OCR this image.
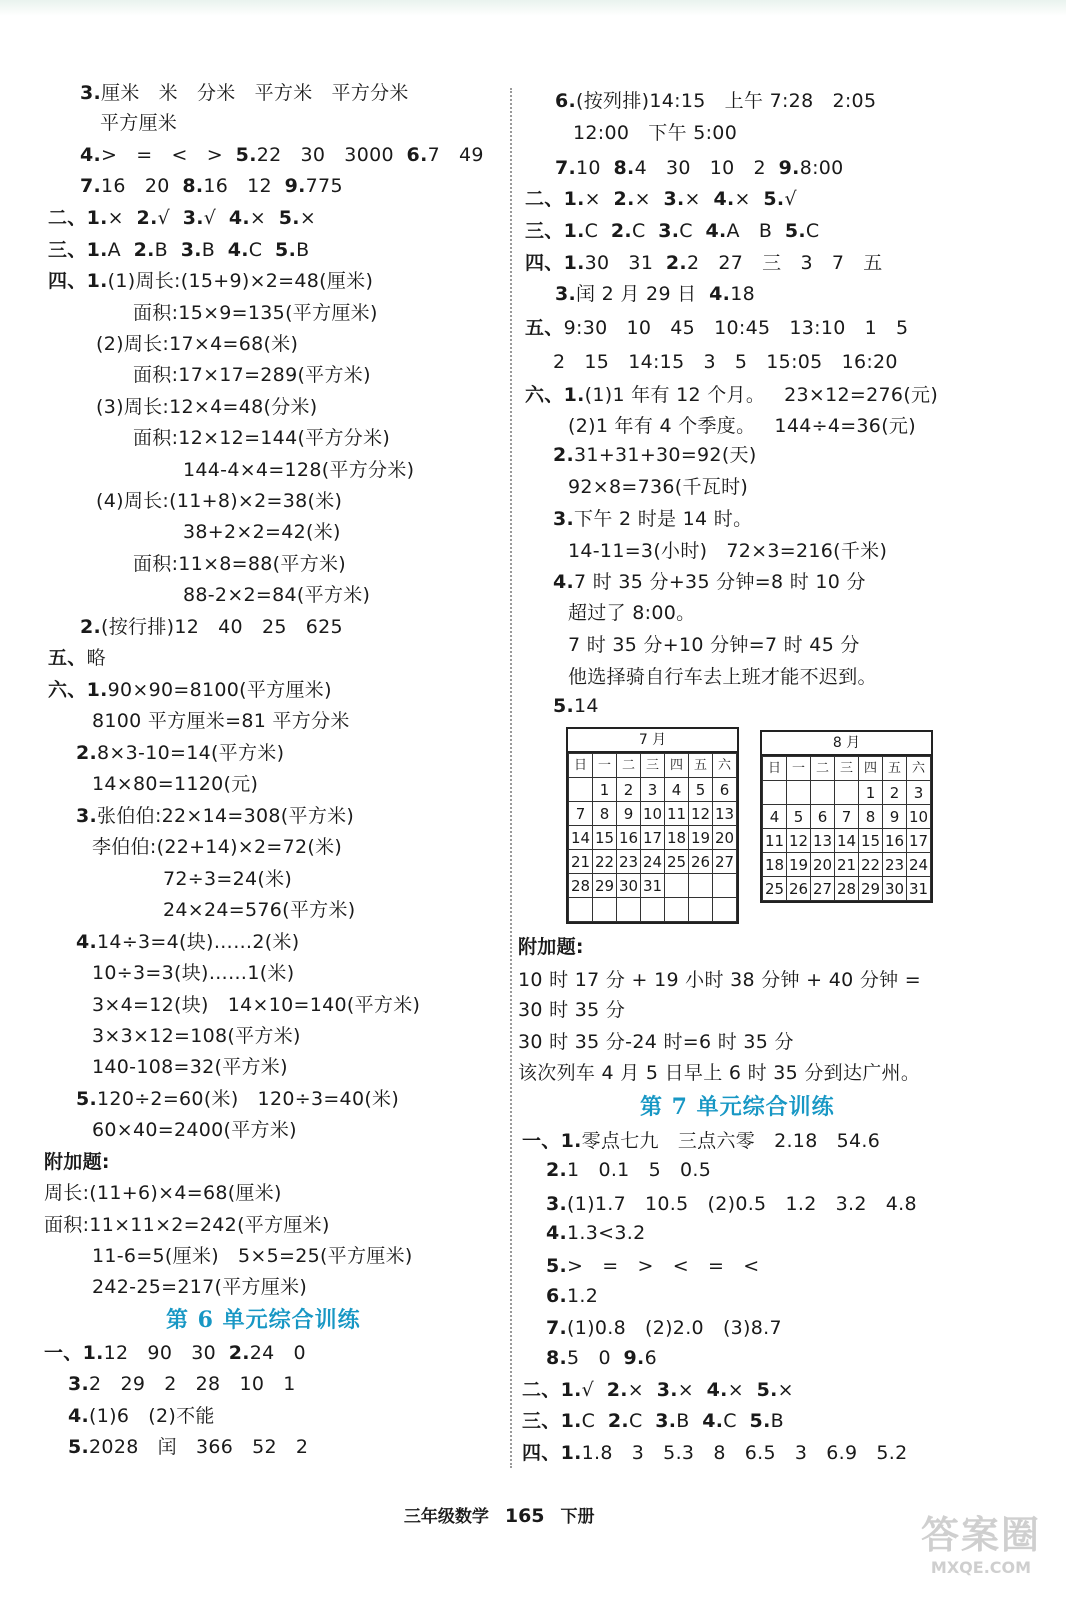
3.厘米   米   分米   平方米   平方分米
平方厘米
4.>   =   <   >  5.22   30   3000  6.7   49
7.16   20  8.16   12  9.775
二、1.×  2.√  3.√  4.×  5.×
三、1.A  2.B  3.B  4.C  5.B
四、1.(1)周长:(15+9)×2=48(厘米)
面积:15×9=135(平方厘米)
(2)周长:17×4=68(米)
面积:17×17=289(平方米)
(3)周长:12×4=48(分米)
面积:12×12=144(平方分米)
144-4×4=128(平方分米)
(4)周长:(11+8)×2=38(米)
38+2×2=42(米)
面积:11×8=88(平方米)
88-2×2=84(平方米)
2.(按行排)12   40   25   625
五、略
六、1.90×90=8100(平方厘米)
8100 平方厘米=81 平方分米
2.8×3-10=14(平方米)
14×80=1120(元)
3.张伯伯:22×14=308(平方米)
李伯伯:(22+14)×2=72(米)
72÷3=24(米)
24×24=576(平方米)
4.14÷3=4(块)……2(米)
10÷3=3(块)……1(米)
3×4=12(块)   14×10=140(平方米)
3×3×12=108(平方米)
140-108=32(平方米)
5.120÷2=60(米)   120÷3=40(米)
60×40=2400(平方米)
附加题:
周长:(11+6)×4=68(厘米)
面积:11×11×2=242(平方厘米)
11-6=5(厘米)   5×5=25(平方厘米)
242-25=217(平方厘米)
一、1.12   90   30  2.24   0
3.2   29   2   28   10   1
4.(1)6   (2)不能
5.2028   闰   366   52   2
6.(按列排)14:15   上午 7:28   2:05
12:00   下午 5:00
7.10  8.4   30   10   2  9.8:00
二、1.×  2.×  3.×  4.×  5.√
三、1.C  2.C  3.C  4.A   B  5.C
四、1.30   31  2.2   27   三   3   7   五
3.闰 2 月 29 日  4.18
五、9:30   10   45   10:45   13:10   1   5
2   15   14:15   3   5   15:05   16:20
六、1.(1)1 年有 12 个月。   23×12=276(元)
(2)1 年有 4 个季度。   144÷4=36(元)
2.31+31+30=92(天)
92×8=736(千瓦时)
3.下午 2 时是 14 时。
14-11=3(小时)   72×3=216(千米)
4.7 时 35 分+35 分钟=8 时 10 分
超过了 8:00。
7 时 35 分+10 分钟=7 时 45 分
他选择骑自行车去上班才能不迟到。
5.14
附加题:
10 时 17 分 + 19 小时 38 分钟 + 40 分钟 =
30 时 35 分
30 时 35 分-24 时=6 时 35 分
该次列车 4 月 5 日早上 6 时 35 分到达广州。
一、1.零点七九   三点六零   2.18   54.6
2.1   0.1   5   0.5
3.(1)1.7   10.5   (2)0.5   1.2   3.2   4.8
4.1.3<3.2
5.>   =   >   <   =   <
6.1.2
7.(1)0.8   (2)2.0   (3)8.7
8.5   0  9.6
二、1.√  2.×  3.×  4.×  5.×
三、1.C  2.C  3.B  4.C  5.B
四、1.1.8   3   5.3   8   6.5   3   6.9   5.2
第 6 单元综合训练
第 7 单元综合训练
7 月
日	一	二	三	四	五	六
	1	2	3	4	5	6
7	8	9	10	11	12	13
14	15	16	17	18	19	20
21	22	23	24	25	26	27
28	29	30	31			

8 月
日	一	二	三	四	五	六
				1	2	3
4	5	6	7	8	9	10
11	12	13	14	15	16	17
18	19	20	21	22	23	24
25	26	27	28	29	30	31

三年级数学 165 下册	答案圈
MXQE.COM
